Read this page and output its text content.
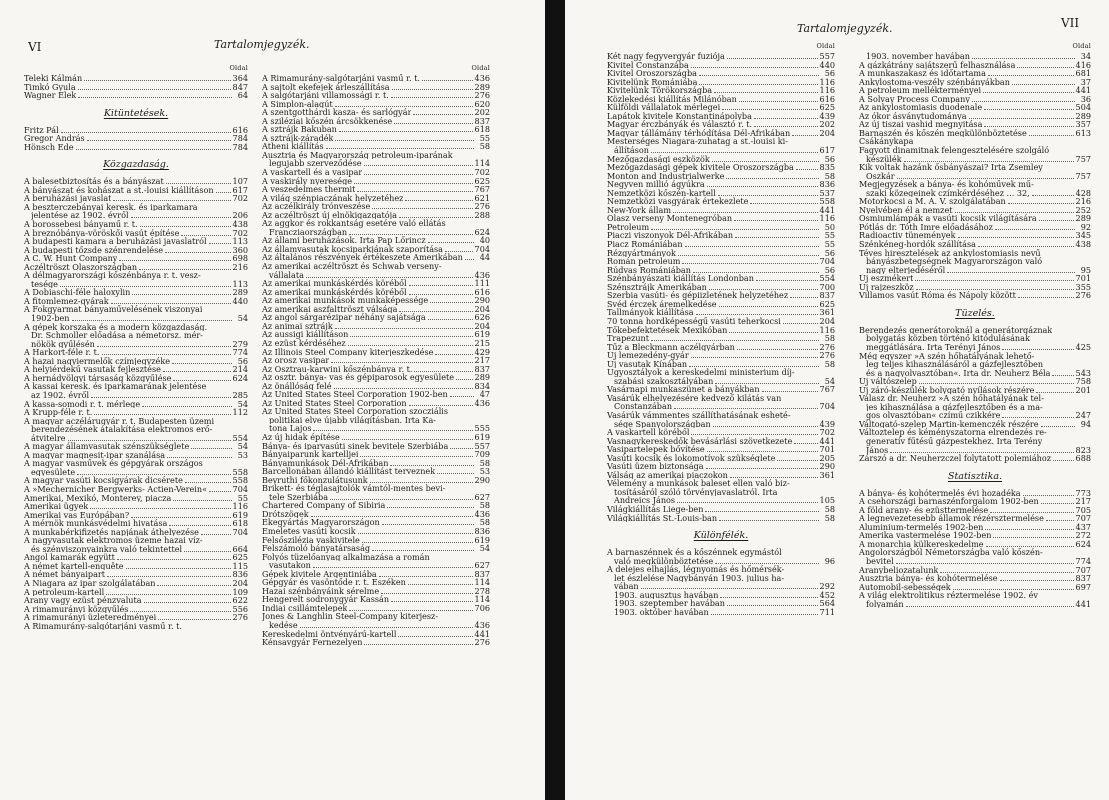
VI	Tartalomjegyzék.
Oldal
Teleki Kálmán	364
Timkó Gyula	847
Wagner Elek	64
Kitüntetések.
Fritz Pál	616
Gregor András	784
Hönsch Ede	784
Közgazdaság.
A balesetbiztosítás és a bányászat	107
A bányászat és kohászat a st.-louisi kiállításon 617
A beruházási javaslat	702
A beszterczebányai keresk. és iparkamara
jelentése az 1902. évről	206
A borossebesi bányamű r. t.	438
A breznóbánya-vöröskői vasút építése	702
A budapesti kamara a beruházási javaslatról	113
A budapesti tőzsde szénrendelése	360
A C. W. Hunt Company	698
Aczéltröszt Olaszországban	216
A délmagyarországi kőszénbánya r. t. vesz-
tesége	113
A Dobiaschi-féle haloxylin	289
A fitomlemez-gyárak	440
A Fokgyarmat bányaművelésének viszonyai
1902-ben	54
A gépek korszaka és a modern közgazdaság.
Dr. Schmoller előadása a németorsz. mér-
nökök gyűlésén	279
A Harkort-féle r. t.	774
A hazai nagyiermelők czímjegyzéke	56
A helyiérdekű vasutak fejlesztése	214
A hernádvölgyi társaság közgyűlése	624
A kassai keresk. és iparkamarának jelentése
az 1902. évről	285
A kassa-somodi r. t. mérlege	54
A Krupp-féle r. t.	112
A magyar aczélárugyár r. t. Budapesten üzemi
berendezésének átalakítása elektromos erő-
átvitelre	554
A magyar államvasutak szénszükséglete	54
A magyar magnesit-ipar szanálása	53
A magyar vasművek és gépgyárak országos
egyesülete	558
A magyar vasúti kocsigyárak dicsérete	558
A »Mechernicher Bergwerks- Actien-Verein«	704
Amerikai, Mexikó, Monterey, piacza	55
Amerikai ügyek	116
Amerikai vas Európában?	619
A mérnök munkásvédelmi hivatása	618
A munkabérkifizetés napjának áthelyezése	704
A nagyvasutak elektromos üzeme hazai víz-
és szénviszonyainkra való tekintettel	664
Angol kamarák együtt	625
A német kartell-enquête	115
A német bányaipart	836
A Niagara az ipar szolgálatában	204
A petroleum-kartell	109
Arany vagy ezüst pénzvaluta	622
A rimamurányi közgyűlés	556
A rimamurányi üzleteredményei	276
A Rimamurány-salgótarjáni vasmű r. t.
Oldal
A Rimamurány-salgótarjáni vasmű r. t.	436
A sajtolt ekefejek árleszállítása	289
A salgótarjáni villamossági r. t.	276
A Simplon-alagút	620
A szentgotthárdi kasza- és sarlógyár	202
A sziléziai kőszén árcsökkenése	837
A sztrájk Bakuban	618
A sztrájk-záradék	55
Atheni kiállítás	58
Ausztria és Magyarország petroleum-iparának
legujabb szerveződése	114
A vaskartell és a vasipar	702
A vaskirály nyeresége	625
A veszedelmes thermit	767
A világ szénpiaczának helyzetéhez	621
Az aczélkirály trónveszése	276
Az aczéltröszt új elnökigazgatója	288
Az aggkor és rokkantság esetére való ellátás
Francziaországban	624
Az állami beruházások. Irta Pap Lőrincz	40
Az államvasutak kocsiparkjának szaporítása	704
Az általános részvények értékeszete Amerikában	44
Az amerikai aczéltröszt és Schwab verseny-
vállalata	436
Az amerikai munkáskérdés köréből	111
Az amerikai munkáskérdés köréből	616
Az amerikai munkások munkaképessége	290
Az amerikai aszfalttröszt válsága	204
Az angol sárgarézipar néhány sajátsága	626
Az animai sztrájk	204
Az aussigi kiállításon	619
Az ezüst kérdéséhez	215
Az Illinois Steel Company kiterjeszkedése	429
Az orosz vasipar	217
Az Osztrau-karwini kőszénbánya r. t.	837
Az osztr. bánya- vas és gépiparosok egyesülete	289
Az önállóság felé	834
Az United States Steel Corporation 1902-ben	47
Az United States Steel Corporation	436
Az United States Steel Corporation szocziális
politikai elve újabb világításban. Irta Ka-
tona Lajos	555
Az új hidak építése	619
Bánya- és iparvasúti sinek bevitele Szerbiába	557
Bányaiparunk kartelljei	709
Bányamunkások Dél-Afrikában	58
Barcellonában állandó kiállítást terveznek	53
Beyruthi főkonzulátusunk	290
Brikett- és téglasajtolók vámtól-mentes bevi-
tele Szerbiába	627
Chartered Company of Sibiria	58
Drótszögek	436
Ekegyártás Magyarországon	58
Emeletes vasúti kocsik	836
Felsősziléziа vaskivitele	619
Felszámoló bányatársaság	54
Folyós tüzelőanyag alkalmazása a román
vasutakon	627
Gépek kivitele Argentiniába	837
Gépgyár és vasöntőde r. t. Eszéken	114
Hazai szénbányáink sérelme	278
Hengerelt sodronygyár Kassán	114
Indiai csillámtelepek	706
Jones & Langhlin Steel-Company kiterjesz-
kedése	436
Kereskedelmi öntvényárú-kartell	441
Kénsavgyár Fernezelyen	276
Tartalomjegyzék.	VII
Oldal
Két nagy fegyvergyár fuziója	557
Kivitel Constanzába	440
Kivitel Oroszországba	56
Kivitelünk Romániába	116
Kivitelünk Törökországba	116
Közlekedési kiállítás Milánóban	616
Külföldi vállalatok mérlegei	625
Lapátok kivitele Konstantinápolyba	439
Magyar érczbányák és választó r. t.	202
Magyar tállámány térhódítása Dél-Afrikában	204
Mesterséges Niagara-zuhatag a st.-louisi ki-
állításon	617
Mezőgazdasági eszközök	56
Mezőgazdasági gépek kivitele Oroszországba	835
Monton and Industrialwerke	58
Negyven millió ágyúkra	836
Nemzetközi kőszén-kartell	537
Nemzetközi vasgyárak értekezlete	558
New-York állam	441
Olasz verseny Montenegróban	116
Petroleum	50
Piaczi viszonyok Dél-Afrikában	55
Piacz Romániában	55
Rézgyártmányok	56
Román petroleum	704
Rúdvas Romániában	56
Szénbányászati kiállítás Londonban	554
Szénsztrájk Amerikában	700
Szerbia vasúti- és gépiizletének helyzetéhez	837
Svéd érczek áremelkedése	625
Tallmányok kiállítása	361
70 tonna hordképességű vasúti teherkocsi	204
Tőkebefektetések Mexikóban	116
Trapezunt	58
Tűz a Bleckmann aczélgyárban	276
Új lemezedény-gyár	276
Új vasutak Kínában	58
Ügyosztályok a kereskedelmi ministerium díj-
szabási szakosztályában	54
Vasárnapi munkaszünet a bányákban	767
Vasárúk elhelyezésére kedvező kilátás van
Constanzában	704
Vasárúk vámmentes szállíthatásának esheté-
sége Spanyolországban	439
A vaskartell köréből	702
Vasnagykereskedők bevásárlási szövetkezete	441
Vasipartelepek bővítése	701
Vasúti kocsik és lokomotívok szükséglete	205
Vasúti üzem biztonsága	290
Válság az amerikai piaczokon	361
Vélemény a munkások baleset ellen való biz-
tosításáról szóló törvényjavaslatról. Irta
Andreics János	105
Világkiállítás Liege-ben	58
Világkiállítás St.-Louis-ban	58
Különfélék.
A barnaszénnek és a kőszénnek egymástól
való megkülönböztetése	96
A delejes elhajlás, légnyomás és hőmérsék-
let észlelése Nagybányán 1903. julius ha-
vában	292
1903. augusztus havában	452
1903. szeptember havában	564
1903. október havában	711
Oldal
1903. november havában	34
A gázkátrány sajátszerű felhasználása	416
A munkaszakasz és időtartama	681
Ankylostoma-veszély szénbányákban	37
A petroleum mellékterményei	441
A Solvay Process Company	36
Az ankylostomiasis duodenale	504
Az ókor ásványtudománya	289
Az új tiszai vashid megnyitása	357
Barnaszén és kőszén megkülönböztetése	613
Csákánykapa
Fagyott dinamitnak felengesztelésére szolgáló
készülék	757
Kik voltak hazánk ősbányászai? Irta Zsemley
Oszkár	757
Megjegyzések a bánya- és kohóművek mű-
szaki közegeinek czímkérdéséhez ... 32,	428
Motorkocsi a M. Á. V. szolgálatában	216
Nyelvében él a nemzet	252
Osmiumlámpák a vasúti kocsik világítására	289
Pótlás dr. Tóth Imre előadásához	92
Radioactiv tünemények	345
Szénkéneg-hordók szállítása	438
Téves hiresztelések az ankylostomiasis nevű
bányászbetegségnek Magyarországon való
nagy elterjedéséről	95
Új eszmékert	701
Új rajzeszköz	355
Villamos vasút Róma és Nápoly között	276
Tüzelés.
Berendezés generátoroknál a generátorgáznak
bolygatás közben történő kitódulásának
meggátlására. Irta Terényi János	425
Még egyszer »A szén hőhatályának lehető-
leg teljes kihasználásáról a gázfejlesztőben
és a nagyolvasztóban«. Irta dr. Neuherz Béla	543
Új váltószelep	758
Új záró-készülék bolygató nyílások részére	201
Válasz dr. Neuherz »A szén hőhatályának tel-
jes kihasználása a gázfejlesztőben és a ma-
gos olvasztóban« czímű czikkére	247
Váltogató-szelep Martin-kemenczék részére	94
Változtelep és kéményszatorna elrendezés re-
generatív fűtésű gázpestekhez. Irta Terény
János	823
Zárszó a dr. Neuherzczel folytatott polemiához	688
Statisztika.
A bánya- és kohótermelés évi hozadéka	773
A csehországi barnaszénforgalom 1902-ben	217
A föld arany- és ezüsttermelése	705
A legnevezetesebb államok rézérsztermelése	707
Aluminium-termelés 1902-ben	437
Amerika vastermelése 1902-ben	272
A monarchia külkereskedelme	624
Angolországból Németországba való kőszén-
bevitel	774
Aranybeliozatalunk	707
Ausztria bánya- és kohótermelése	837
Automobil-sebességek	697
A világ elektrolitikus réztermelése 1902. év
folyamán	441
